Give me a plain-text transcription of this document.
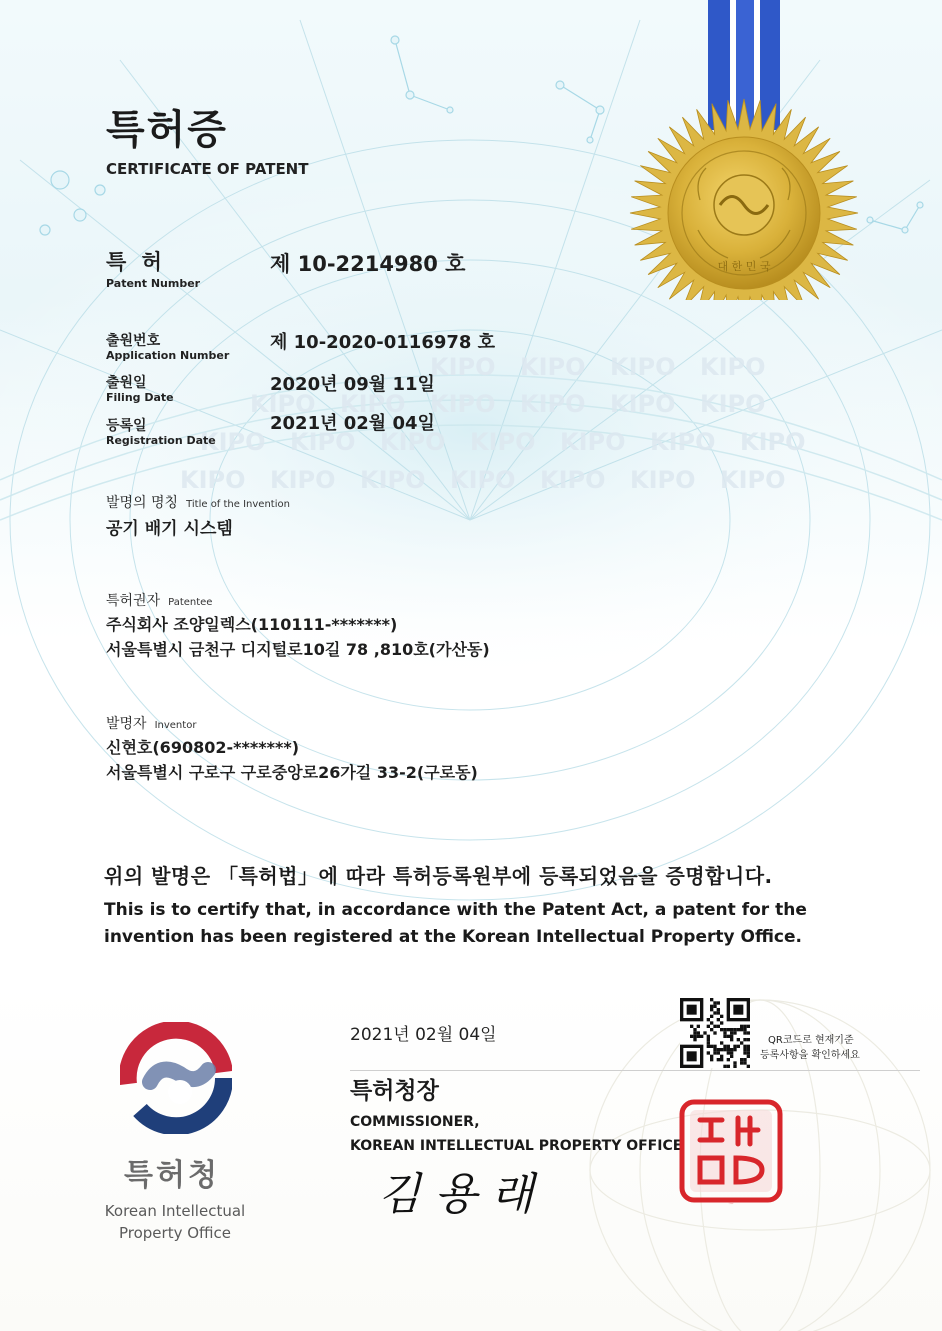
KIPO KIPO KIPO KIPO
KIPO KIPO KIPO KIPO KIPO KIPO
KIPO KIPO KIPO KIPO KIPO KIPO KIPO
KIPO KIPO KIPO KIPO KIPO KIPO KIPO
대 한 민 국
특허증
CERTIFICATE OF PATENT
특 허
Patent Number
제 10-2214980 호
출원번호
Application Number
제 10-2020-0116978 호
출원일
Filing Date
2020년 09월 11일
등록일
Registration Date
2021년 02월 04일
발명의 명칭 Title of the Invention
공기 배기 시스템
특허권자 Patentee
주식회사 조양일렉스(110111-*******)
서울특별시 금천구 디지털로10길 78 ,810호(가산동)
발명자 Inventor
신현호(690802-*******)
서울특별시 구로구 구로중앙로26가길 33-2(구로동)
위의 발명은 「특허법」에 따라 특허등록원부에 등록되었음을 증명합니다.
This is to certify that, in accordance with the Patent Act, a patent for the
invention has been registered at the Korean Intellectual Property Office.
특허청
Korean Intellectual
Property Office
2021년 02월 04일
특허청장
COMMISSIONER,
KOREAN INTELLECTUAL PROPERTY OFFICE
김용래
QR코드로 현재기준
등록사항을 확인하세요
특허청장인
